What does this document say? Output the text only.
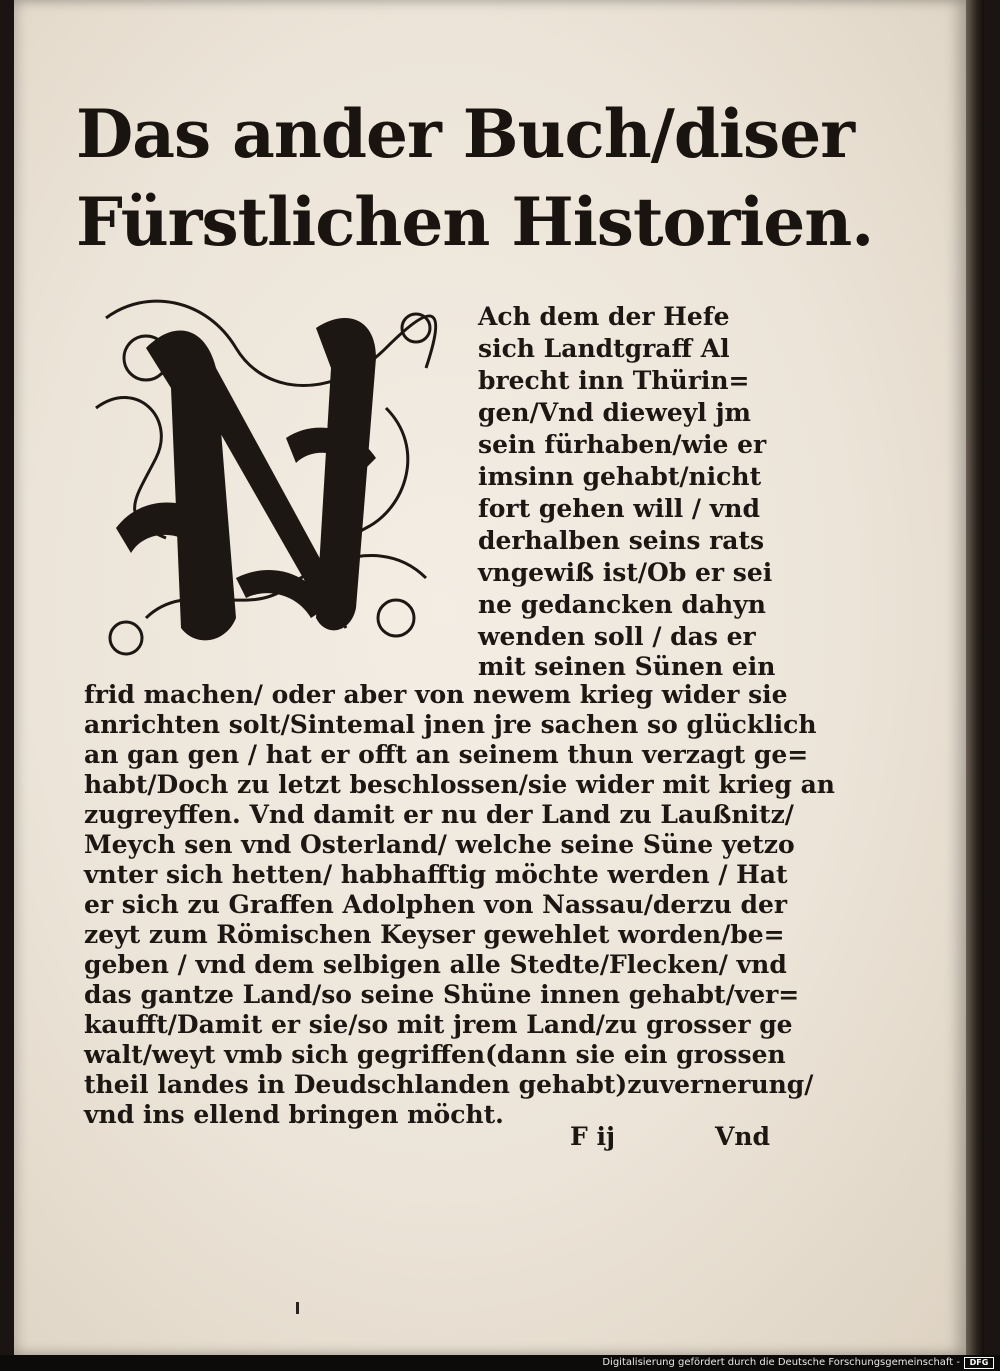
Das ander Buch/diser
Fürstlichen Historien.
Ach dem der Hefe
sich Landtgraff Al
brecht inn Thürin=
gen/Vnd dieweyl jm
sein fürhaben/wie er
imsinn gehabt/nicht
fort gehen will / vnd
derhalben seins rats
vngewiß ist/Ob er sei
ne gedancken dahyn
wenden soll / das er
mit seinen Sünen ein
frid machen/ oder aber von newem krieg wider sie
anrichten solt/Sintemal jnen jre sachen so glücklich
an gan gen / hat er offt an seinem thun verzagt ge=
habt/Doch zu letzt beschlossen/sie wider mit krieg an
zugreyffen. Vnd damit er nu der Land zu Laußnitz/
Meych sen vnd Osterland/ welche seine Süne yetzo
vnter sich hetten/ habhafftig möchte werden / Hat
er sich zu Graffen Adolphen von Nassau/derzu der
zeyt zum Römischen Keyser gewehlet worden/be=
geben / vnd dem selbigen alle Stedte/Flecken/ vnd
das gantze Land/so seine Shüne innen gehabt/ver=
kaufft/Damit er sie/so mit jrem Land/zu grosser ge
walt/weyt vmb sich gegriffen(dann sie ein grossen
theil landes in Deudschlanden gehabt)zuvernerung/
vnd ins ellend bringen möcht.
F ij	Vnd
Digitalisierung gefördert durch die Deutsche Forschungsgemeinschaft -	DFG
